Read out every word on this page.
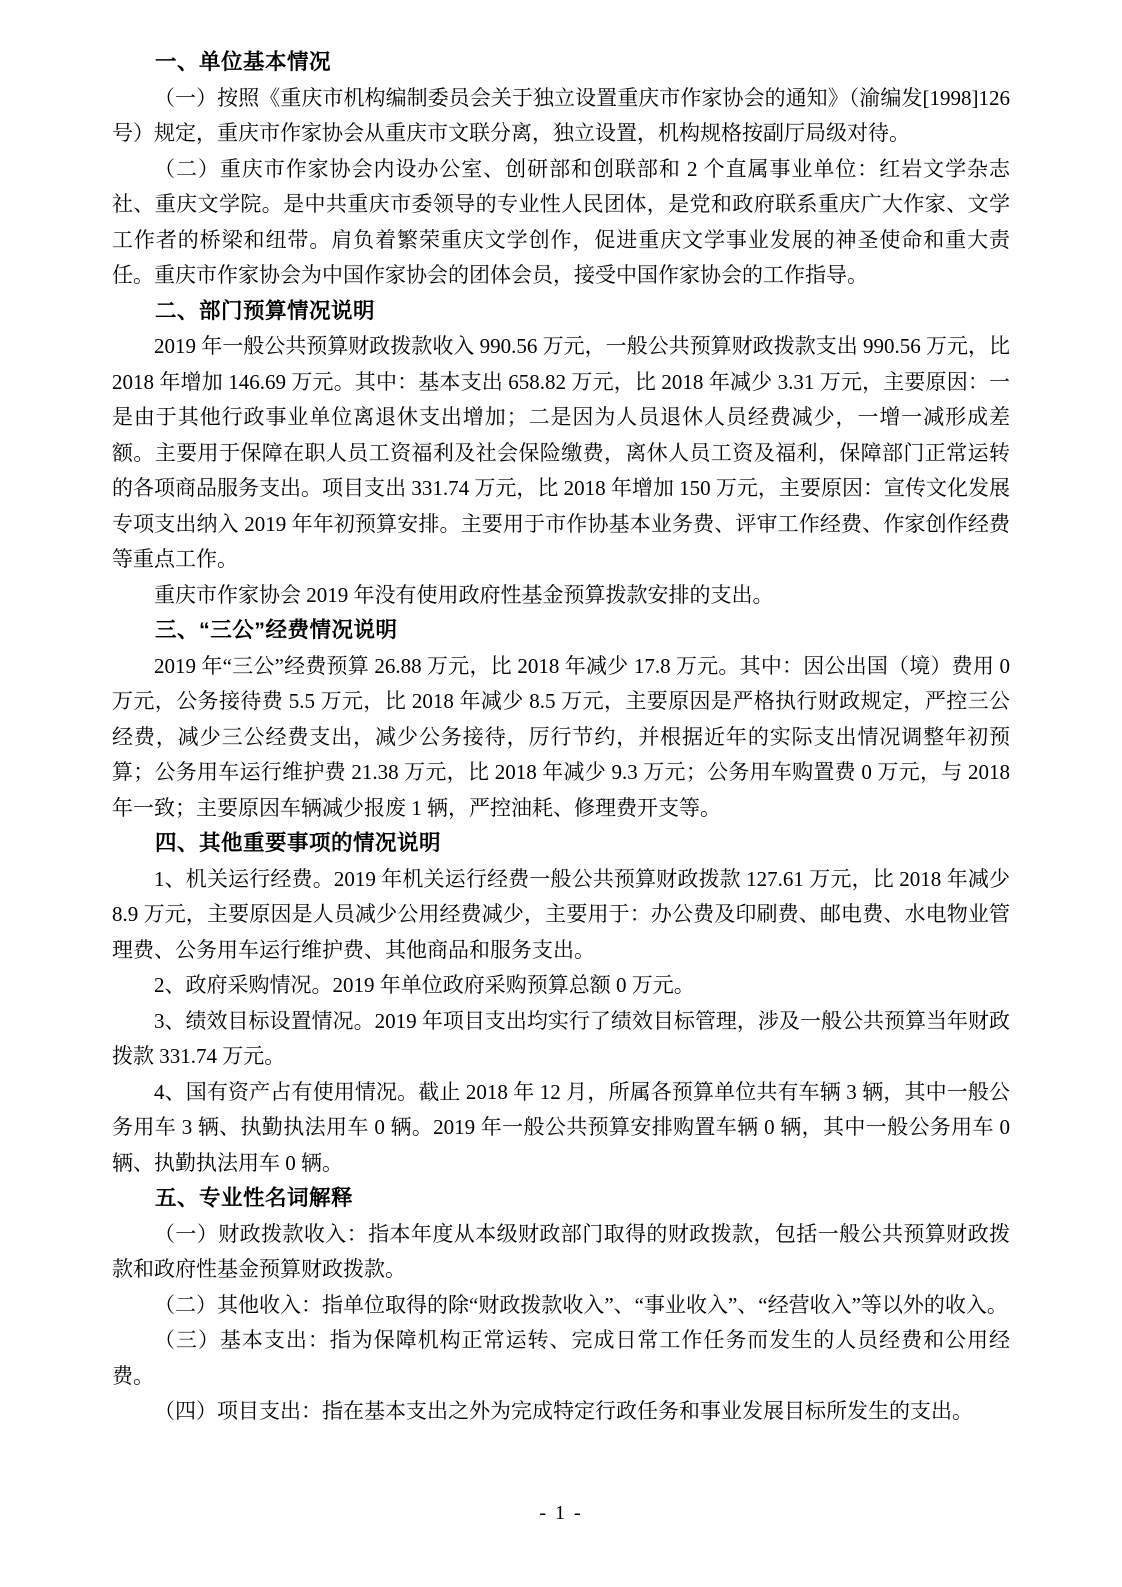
一、单位基本情况

（一）按照《重庆市机构编制委员会关于独立设置重庆市作家协会的通知》（渝编发[1998]126号）规定，重庆市作家协会从重庆市文联分离，独立设置，机构规格按副厅局级对待。

（二）重庆市作家协会内设办公室、创研部和创联部和 2 个直属事业单位：红岩文学杂志社、重庆文学院。是中共重庆市委领导的专业性人民团体，是党和政府联系重庆广大作家、文学工作者的桥梁和纽带。肩负着繁荣重庆文学创作，促进重庆文学事业发展的神圣使命和重大责任。重庆市作家协会为中国作家协会的团体会员，接受中国作家协会的工作指导。

二、部门预算情况说明

2019 年一般公共预算财政拨款收入 990.56 万元，一般公共预算财政拨款支出 990.56 万元，比 2018 年增加 146.69 万元。其中：基本支出 658.82 万元，比 2018 年减少 3.31 万元，主要原因：一是由于其他行政事业单位离退休支出增加；二是因为人员退休人员经费减少，一增一减形成差额。主要用于保障在职人员工资福利及社会保险缴费，离休人员工资及福利，保障部门正常运转的各项商品服务支出。项目支出 331.74 万元，比 2018 年增加 150 万元，主要原因：宣传文化发展专项支出纳入 2019 年年初预算安排。主要用于市作协基本业务费、评审工作经费、作家创作经费等重点工作。

重庆市作家协会 2019 年没有使用政府性基金预算拨款安排的支出。

三、“三公”经费情况说明

2019 年“三公”经费预算 26.88 万元，比 2018 年减少 17.8 万元。其中：因公出国（境）费用 0 万元，公务接待费 5.5 万元，比 2018 年减少 8.5 万元，主要原因是严格执行财政规定，严控三公经费，减少三公经费支出，减少公务接待，厉行节约，并根据近年的实际支出情况调整年初预算；公务用车运行维护费 21.38 万元，比 2018 年减少 9.3 万元；公务用车购置费 0 万元，与 2018 年一致；主要原因车辆减少报废 1 辆，严控油耗、修理费开支等。

四、其他重要事项的情况说明

1、机关运行经费。2019 年机关运行经费一般公共预算财政拨款 127.61 万元，比 2018 年减少 8.9 万元，主要原因是人员减少公用经费减少，主要用于：办公费及印刷费、邮电费、水电物业管理费、公务用车运行维护费、其他商品和服务支出。

2、政府采购情况。2019 年单位政府采购预算总额 0 万元。

3、绩效目标设置情况。2019 年项目支出均实行了绩效目标管理，涉及一般公共预算当年财政拨款 331.74 万元。

4、国有资产占有使用情况。截止 2018 年 12 月，所属各预算单位共有车辆 3 辆，其中一般公务用车 3 辆、执勤执法用车 0 辆。2019 年一般公共预算安排购置车辆 0 辆，其中一般公务用车 0 辆、执勤执法用车 0 辆。

五、专业性名词解释

（一）财政拨款收入：指本年度从本级财政部门取得的财政拨款，包括一般公共预算财政拨款和政府性基金预算财政拨款。

（二）其他收入：指单位取得的除“财政拨款收入”、“事业收入”、“经营收入”等以外的收入。

（三）基本支出：指为保障机构正常运转、完成日常工作任务而发生的人员经费和公用经费。

（四）项目支出：指在基本支出之外为完成特定行政任务和事业发展目标所发生的支出。

- 1 -
